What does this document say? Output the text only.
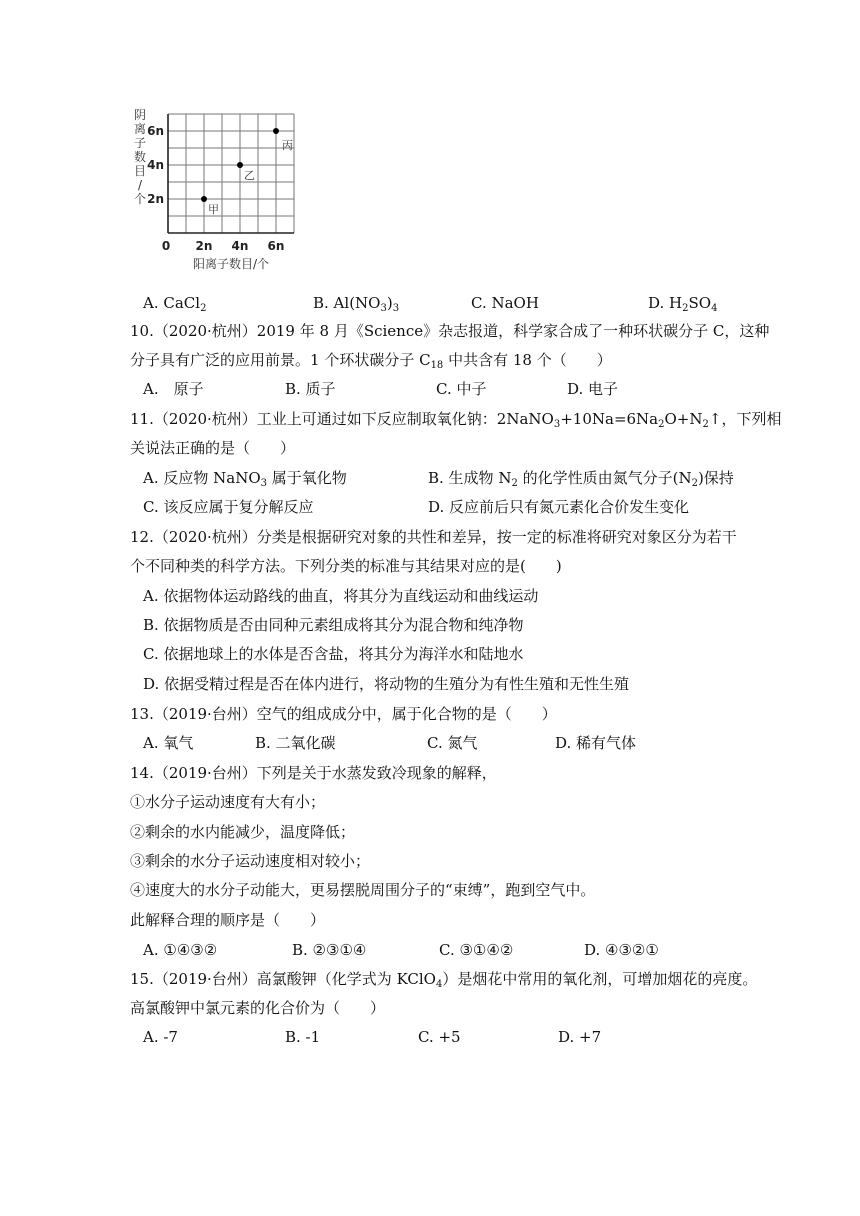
0 2n 4n 6n
2n
4n
6n
阴
离
子
数
目
/
个
阳离子数目/个
甲
乙
丙
A. CaCl$_2$	B. $Al(NO_3)_3$	C. NaOH	D. $H_2SO_4$
10.（2020·杭州）2019 年 8 月《Science》杂志报道，科学家合成了一种环状碳分子 C，这种
分子具有广泛的应用前景。1 个环状碳分子 $C_{18}$ 中共含有 18 个（　　）
A.　原子	B. 质子	C. 中子	D. 电子
11.（2020·杭州）工业上可通过如下反应制取氧化钠：$2NaNO_3+10Na=6Na_2O+N_2↑$，下列相
关说法正确的是（　　）
A. 反应物 NaNO$_3$ 属于氧化物	B. 生成物 $N_2$ 的化学性质由氮气分子$(N_2)$保持
C. 该反应属于复分解反应	D. 反应前后只有氮元素化合价发生变化
12.（2020·杭州）分类是根据研究对象的共性和差异，按一定的标准将研究对象区分为若干
个不同种类的科学方法。下列分类的标准与其结果对应的是(　　)
A. 依据物体运动路线的曲直，将其分为直线运动和曲线运动
B. 依据物质是否由同种元素组成将其分为混合物和纯净物
C. 依据地球上的水体是否含盐，将其分为海洋水和陆地水
D. 依据受精过程是否在体内进行，将动物的生殖分为有性生殖和无性生殖
13.（2019·台州）空气的组成成分中，属于化合物的是（　　）
A. 氧气	B. 二氧化碳	C. 氮气	D. 稀有气体
14.（2019·台州）下列是关于水蒸发致冷现象的解释，
①水分子运动速度有大有小；
②剩余的水内能减少，温度降低；
③剩余的水分子运动速度相对较小；
④速度大的水分子动能大，更易摆脱周围分子的“束缚”，跑到空气中。
此解释合理的顺序是（　　）
A. ①④③②	B. ②③①④	C. ③①④②	D. ④③②①
15.（2019·台州）高氯酸钾（化学式为 KClO$_4$）是烟花中常用的氧化剂，可增加烟花的亮度。
高氯酸钾中氯元素的化合价为（　　）
A. -7	B. -1	C. +5	D. +7
